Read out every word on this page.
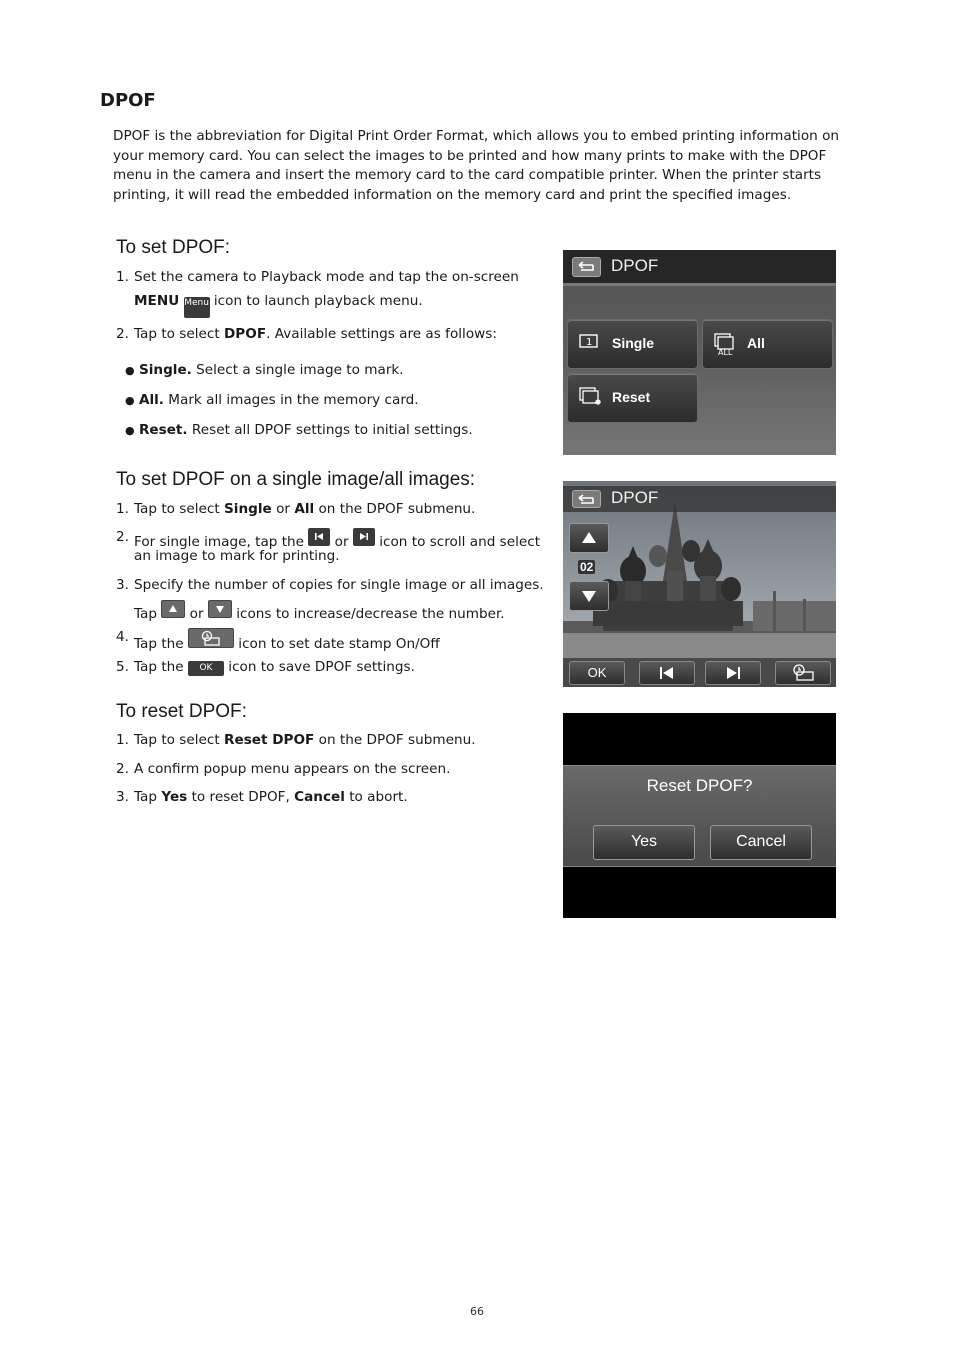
DPOF
DPOF is the abbreviation for Digital Print Order Format, which allows you to embed printing information on your memory card. You can select the images to be printed and how many prints to make with the DPOF menu in the camera and insert the memory card to the card compatible printer. When the printer starts printing, it will read the embedded information on the memory card and print the specified images.
To set DPOF:
1. Set the camera to Playback mode and tap the on-screen
MENU Menu icon to launch playback menu.
2. Tap to select DPOF. Available settings are as follows:
● Single. Select a single image to mark.
● All. Mark all images in the memory card.
● Reset. Reset all DPOF settings to initial settings.
To set DPOF on a single image/all images:
1. Tap to select Single or All on the DPOF submenu.
2. For single image, tap the  or  icon to scroll and select
an image to mark for printing.
3. Specify the number of copies for single image or all images.
Tap  or  icons to increase/decrease the number.
4. Tap the	icon to set date stamp On/Off
5. Tap the OK icon to save DPOF settings.
To reset DPOF:
1. Tap to select Reset DPOF on the DPOF submenu.
2. A confirm popup menu appears on the screen.
3. Tap Yes to reset DPOF, Cancel to abort.
DPOF
1 Single
ALL
All
Reset
DPOF
02
OK
Reset DPOF?
Yes	Cancel
66
